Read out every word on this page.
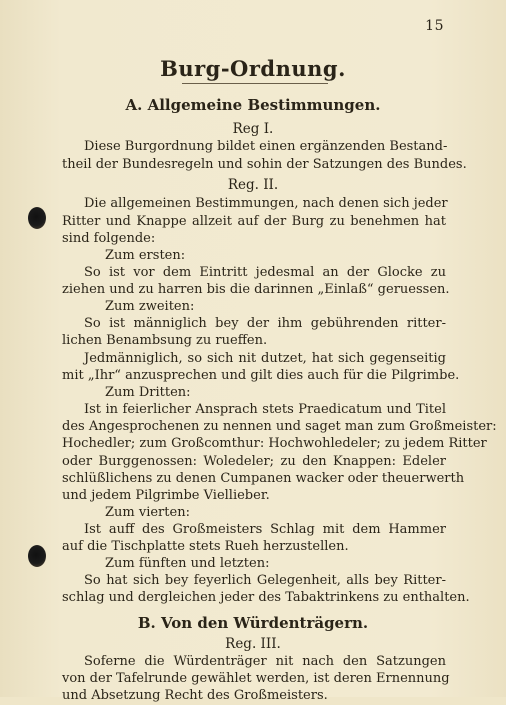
15
Burg-Ordnung.
A. Allgemeine Bestimmungen.
Reg I.
Diese Burgordnung bildet einen ergänzenden Bestand-
theil der Bundesregeln und sohin der Satzungen des Bundes.
Reg. II.
Die allgemeinen Bestimmungen, nach denen sich jeder
Ritter und Knappe allzeit auf der Burg zu benehmen hat
sind folgende:
Zum ersten:
So ist vor dem Eintritt jedesmal an der Glocke zu
ziehen und zu harren bis die darinnen „Einlaß“ geruessen.
Zum zweiten:
So ist männiglich bey der ihm gebührenden ritter-
lichen Benambsung zu rueffen.
Jedmänniglich, so sich nit dutzet, hat sich gegenseitig
mit „Ihr“ anzusprechen und gilt dies auch für die Pilgrimbe.
Zum Dritten:
Ist in feierlicher Ansprach stets Praedicatum und Titel
des Angesprochenen zu nennen und saget man zum Großmeister:
Hochedler; zum Großcomthur: Hochwohledeler; zu jedem Ritter
oder Burggenossen: Woledeler; zu den Knappen: Edeler
schlüßlichens zu denen Cumpanen wacker oder theuerwerth
und jedem Pilgrimbe Viellieber.
Zum vierten:
Ist auff des Großmeisters Schlag mit dem Hammer
auf die Tischplatte stets Rueh herzustellen.
Zum fünften und letzten:
So hat sich bey feyerlich Gelegenheit, alls bey Ritter-
schlag und dergleichen jeder des Tabaktrinkens zu enthalten.
B. Von den Würdenträgern.
Reg. III.
Soferne die Würdenträger nit nach den Satzungen
von der Tafelrunde gewählet werden, ist deren Ernennung
und Absetzung Recht des Großmeisters.
